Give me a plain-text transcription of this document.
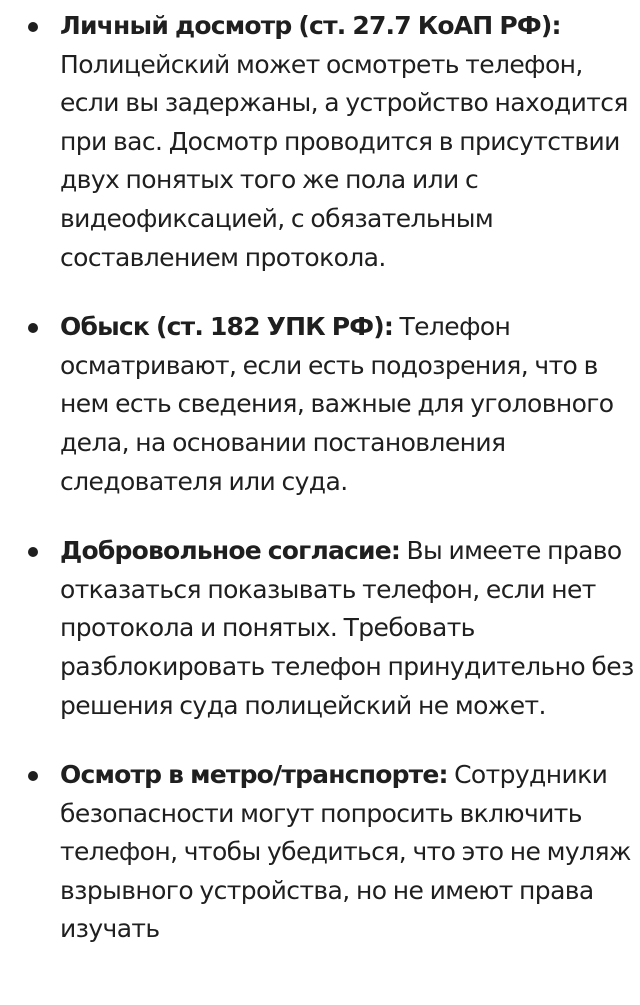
Личный досмотр (ст. 27.7 КоАП РФ): Полицейский может осмотреть телефон, если вы задержаны, а устройство находится при вас. Досмотр проводится в присутствии двух понятых того же пола или с видеофиксацией, с обязательным составлением протокола.
Обыск (ст. 182 УПК РФ): Телефон осматривают, если есть подозрения, что в нем есть сведения, важные для уголовного дела, на основании постановления следователя или суда.
Добровольное согласие: Вы имеете право отказаться показывать телефон, если нет протокола и понятых. Требовать разблокировать телефон принудительно без решения суда полицейский не может.
Осмотр в метро/транспорте: Сотрудники безопасности могут попросить включить телефон, чтобы убедиться, что это не муляж взрывного устройства, но не имеют права изучать
